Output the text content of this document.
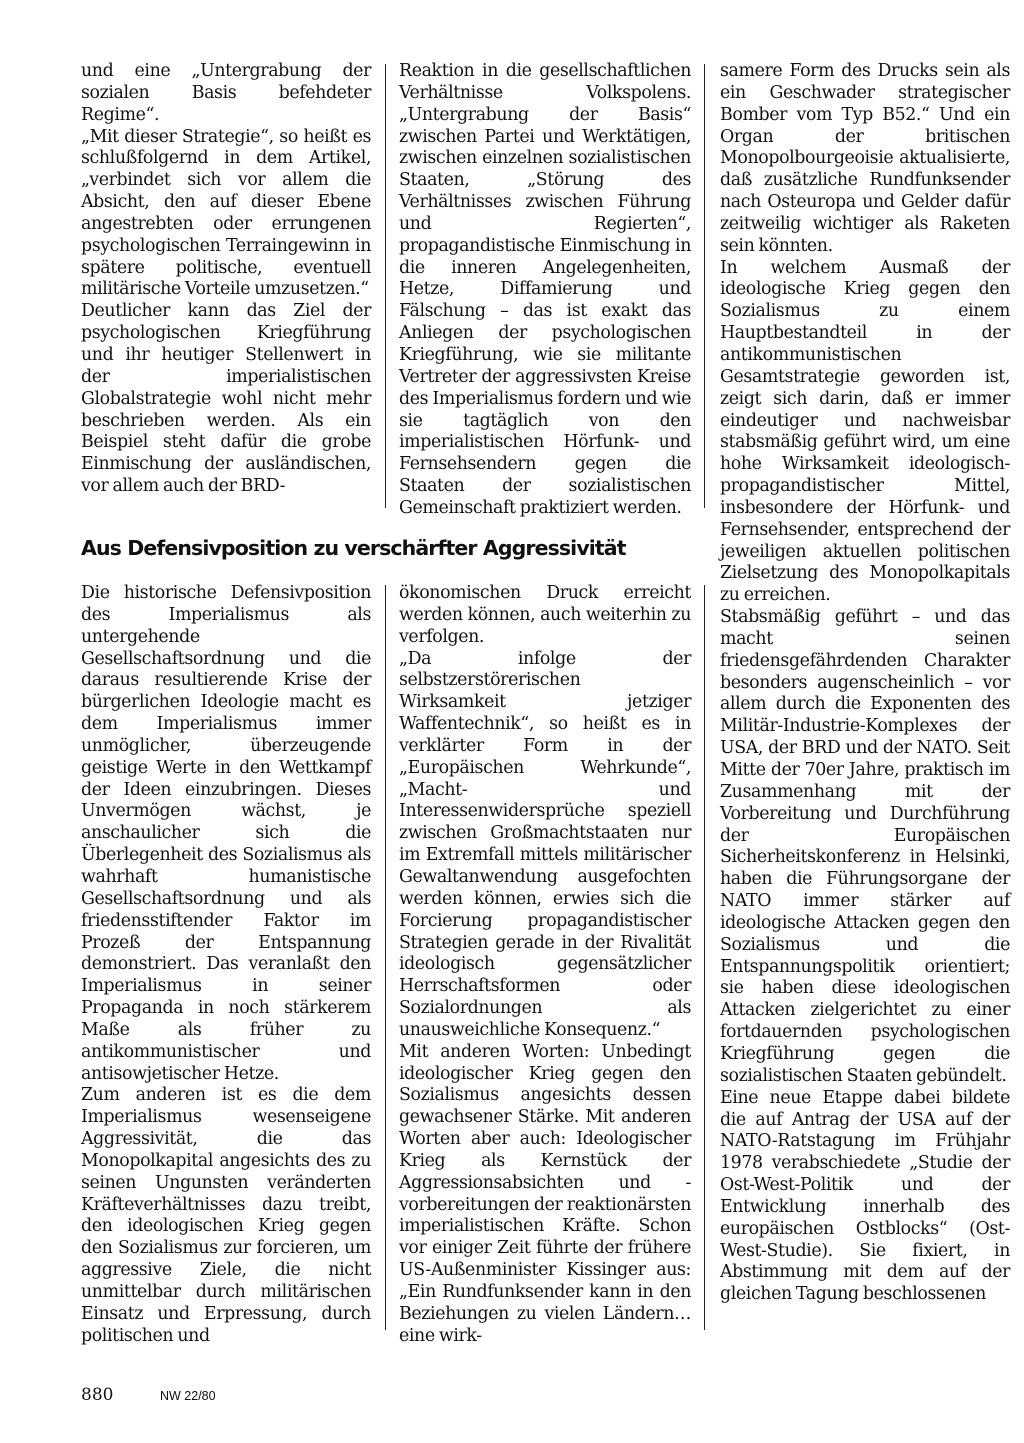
und eine „Untergrabung der sozialen Basis befehdeter Regime“.

„Mit dieser Strategie“, so heißt es schlußfolgernd in dem Artikel, „verbindet sich vor allem die Absicht, den auf dieser Ebene angestrebten oder errungenen psychologischen Terraingewinn in spätere politische, eventuell militärische Vorteile umzusetzen.“

Deutlicher kann das Ziel der psychologischen Kriegführung und ihr heutiger Stellenwert in der imperialistischen Globalstrategie wohl nicht mehr beschrieben werden. Als ein Beispiel steht dafür die grobe Einmischung der ausländischen, vor allem auch der BRD-

Reaktion in die gesellschaftlichen Verhältnisse Volkspolens. „Untergrabung der Basis“ zwischen Partei und Werktätigen, zwischen einzelnen sozialistischen Staaten, „Störung des Verhältnisses zwischen Führung und Regierten“, propagandistische Einmischung in die inneren Angelegenheiten, Hetze, Diffamierung und Fälschung – das ist exakt das Anliegen der psychologischen Kriegführung, wie sie militante Vertreter der aggressivsten Kreise des Imperialismus fordern und wie sie tagtäglich von den imperialistischen Hörfunk- und Fernsehsendern gegen die Staaten der sozialistischen Gemeinschaft praktiziert werden.

Aus Defensivposition zu verschärfter Aggressivität

Die historische Defensivposition des Imperialismus als untergehende Gesellschaftsordnung und die daraus resultierende Krise der bürgerlichen Ideologie macht es dem Imperialismus immer unmöglicher, überzeugende geistige Werte in den Wettkampf der Ideen einzubringen. Dieses Unvermögen wächst, je anschaulicher sich die Überlegenheit des Sozialismus als wahrhaft humanistische Gesellschaftsordnung und als friedensstiftender Faktor im Prozeß der Entspannung demonstriert. Das veranlaßt den Imperialismus in seiner Propaganda in noch stärkerem Maße als früher zu antikommunistischer und antisowjetischer Hetze.

Zum anderen ist es die dem Imperialismus wesenseigene Aggressivität, die das Monopolkapital angesichts des zu seinen Ungunsten veränderten Kräfteverhältnisses dazu treibt, den ideologischen Krieg gegen den Sozialismus zur forcieren, um aggressive Ziele, die nicht unmittelbar durch militärischen Einsatz und Erpressung, durch politischen und

ökonomischen Druck erreicht werden können, auch weiterhin zu verfolgen.

„Da infolge der selbstzerstörerischen Wirksamkeit jetziger Waffentechnik“, so heißt es in verklärter Form in der „Europäischen Wehrkunde“, „Macht- und Interessenwidersprüche speziell zwischen Großmachtstaaten nur im Extremfall mittels militärischer Gewaltanwendung ausgefochten werden können, erwies sich die Forcierung propagandistischer Strategien gerade in der Rivalität ideologisch gegensätzlicher Herrschaftsformen oder Sozialordnungen als unausweichliche Konsequenz.“

Mit anderen Worten: Unbedingt ideologischer Krieg gegen den Sozialismus angesichts dessen gewachsener Stärke. Mit anderen Worten aber auch: Ideologischer Krieg als Kernstück der Aggressionsabsichten und -vorbereitungen der reaktionärsten imperialistischen Kräfte. Schon vor einiger Zeit führte der frühere US-Außenminister Kissinger aus: „Ein Rundfunksender kann in den Beziehungen zu vielen Ländern… eine wirk-

samere Form des Drucks sein als ein Geschwader strategischer Bomber vom Typ B52.“ Und ein Organ der britischen Monopolbourgeoisie aktualisierte, daß zusätzliche Rundfunksender nach Osteuropa und Gelder dafür zeitweilig wichtiger als Raketen sein könnten.

In welchem Ausmaß der ideologische Krieg gegen den Sozialismus zu einem Hauptbestandteil in der antikommunistischen Gesamtstrategie geworden ist, zeigt sich darin, daß er immer eindeutiger und nachweisbar stabsmäßig geführt wird, um eine hohe Wirksamkeit ideologisch-propagandistischer Mittel, insbesondere der Hörfunk- und Fernsehsender, entsprechend der jeweiligen aktuellen politischen Zielsetzung des Monopolkapitals zu erreichen.

Stabsmäßig geführt – und das macht seinen friedensgefährdenden Charakter besonders augenscheinlich – vor allem durch die Exponenten des Militär-Industrie-Komplexes der USA, der BRD und der NATO. Seit Mitte der 70er Jahre, praktisch im Zusammenhang mit der Vorbereitung und Durchführung der Europäischen Sicherheitskonferenz in Helsinki, haben die Führungsorgane der NATO immer stärker auf ideologische Attacken gegen den Sozialismus und die Entspannungspolitik orientiert; sie haben diese ideologischen Attacken zielgerichtet zu einer fortdauernden psychologischen Kriegführung gegen die sozialistischen Staaten gebündelt.

Eine neue Etappe dabei bildete die auf Antrag der USA auf der NATO-Ratstagung im Frühjahr 1978 verabschiedete „Studie der Ost-West-Politik und der Entwicklung innerhalb des europäischen Ostblocks“ (Ost-West-Studie). Sie fixiert, in Abstimmung mit dem auf der gleichen Tagung beschlossenen

880	NW 22/80
